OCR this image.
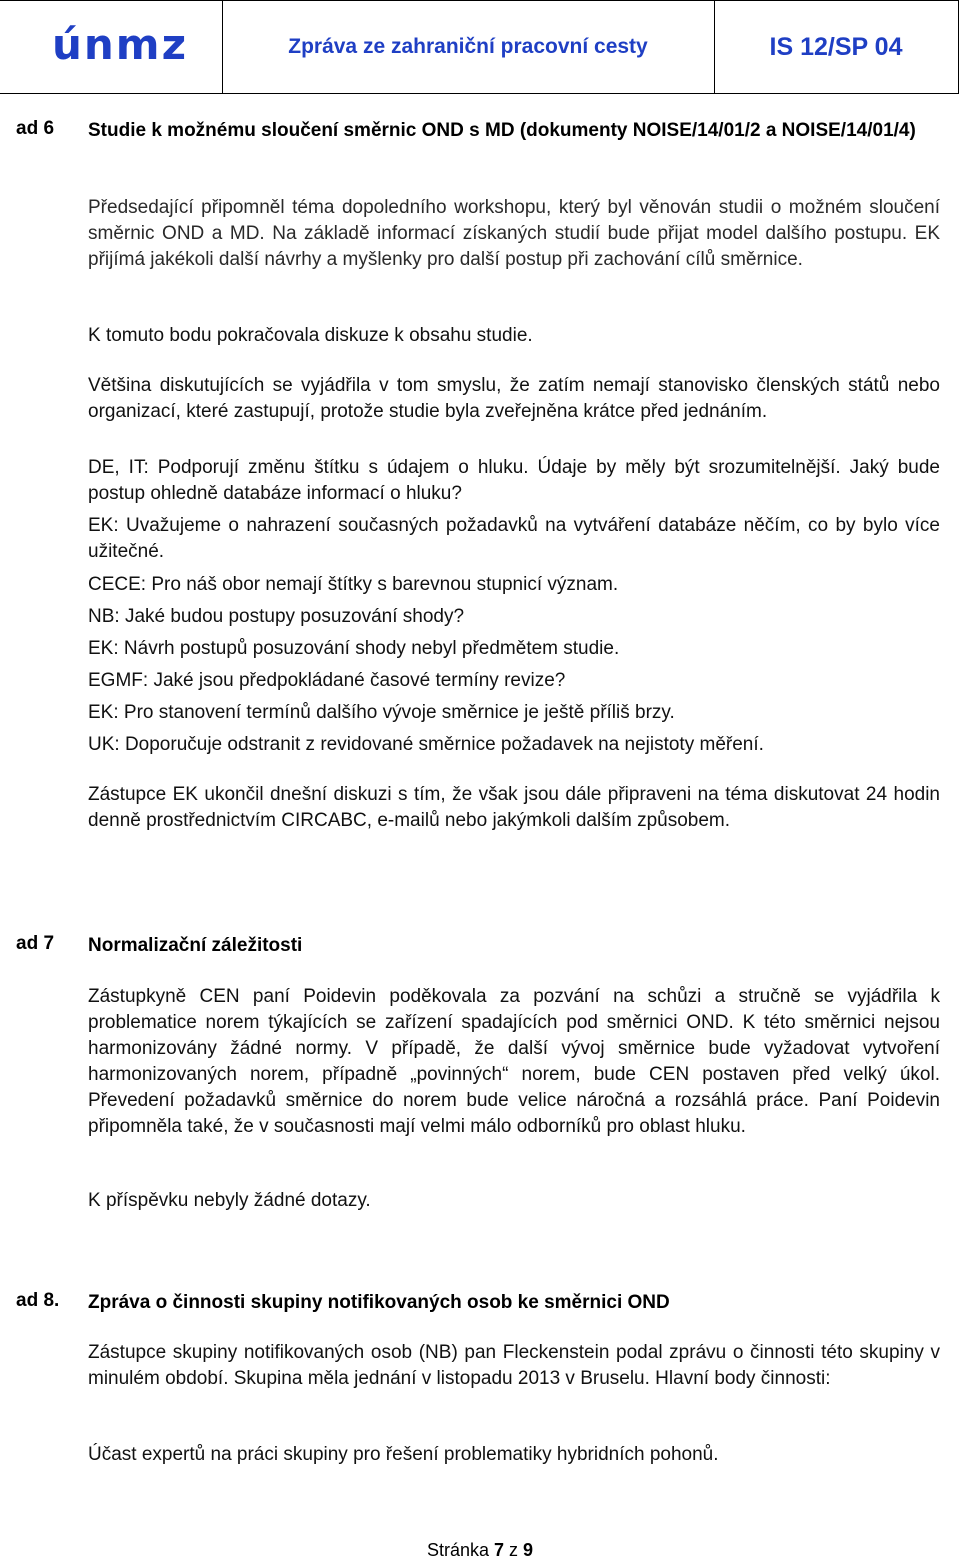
únmz	Zpráva ze zahraniční pracovní cesty	IS 12/SP 04
ad 6 Studie k možnému sloučení směrnic OND s MD (dokumenty NOISE/14/01/2 a NOISE/14/01/4)
Předsedající připomněl téma dopoledního workshopu, který byl věnován studii o možném sloučení směrnic OND a MD. Na základě informací získaných studií bude přijat model dalšího postupu. EK přijímá jakékoli další návrhy a myšlenky pro další postup při zachování cílů směrnice.
K tomuto bodu pokračovala diskuze k obsahu studie.
Většina diskutujících se vyjádřila v tom smyslu, že zatím nemají stanovisko členských států nebo organizací, které zastupují, protože studie byla zveřejněna krátce před jednáním.
DE, IT: Podporují změnu štítku s údajem o hluku. Údaje by měly být srozumitelnější. Jaký bude postup ohledně databáze informací o hluku?
EK: Uvažujeme o nahrazení současných požadavků na vytváření databáze něčím, co by bylo více užitečné.
CECE: Pro náš obor nemají štítky s barevnou stupnicí význam.
NB: Jaké budou postupy posuzování shody?
EK: Návrh postupů posuzování shody nebyl předmětem studie.
EGMF: Jaké jsou předpokládané časové termíny revize?
EK: Pro stanovení termínů dalšího vývoje směrnice je ještě příliš brzy.
UK: Doporučuje odstranit z revidované směrnice požadavek na nejistoty měření.
Zástupce EK ukončil dnešní diskuzi s tím, že však jsou dále připraveni na téma diskutovat 24 hodin denně prostřednictvím CIRCABC, e-mailů nebo jakýmkoli dalším způsobem.
ad 7 Normalizační záležitosti
Zástupkyně CEN paní Poidevin poděkovala za pozvání na schůzi a stručně se vyjádřila k problematice norem týkajících se zařízení spadajících pod směrnici OND. K této směrnici nejsou harmonizovány žádné normy. V případě, že další vývoj směrnice bude vyžadovat vytvoření harmonizovaných norem, případně „povinných“ norem, bude CEN postaven před velký úkol. Převedení požadavků směrnice do norem bude velice náročná a rozsáhlá práce. Paní Poidevin připomněla také, že v současnosti mají velmi málo odborníků pro oblast hluku.
K příspěvku nebyly žádné dotazy.
ad 8. Zpráva o činnosti skupiny notifikovaných osob ke směrnici OND
Zástupce skupiny notifikovaných osob (NB) pan Fleckenstein podal zprávu o činnosti této skupiny v minulém období. Skupina měla jednání v listopadu 2013 v Bruselu. Hlavní body činnosti:
Účast expertů na práci skupiny pro řešení problematiky hybridních pohonů.
Stránka 7 z 9
